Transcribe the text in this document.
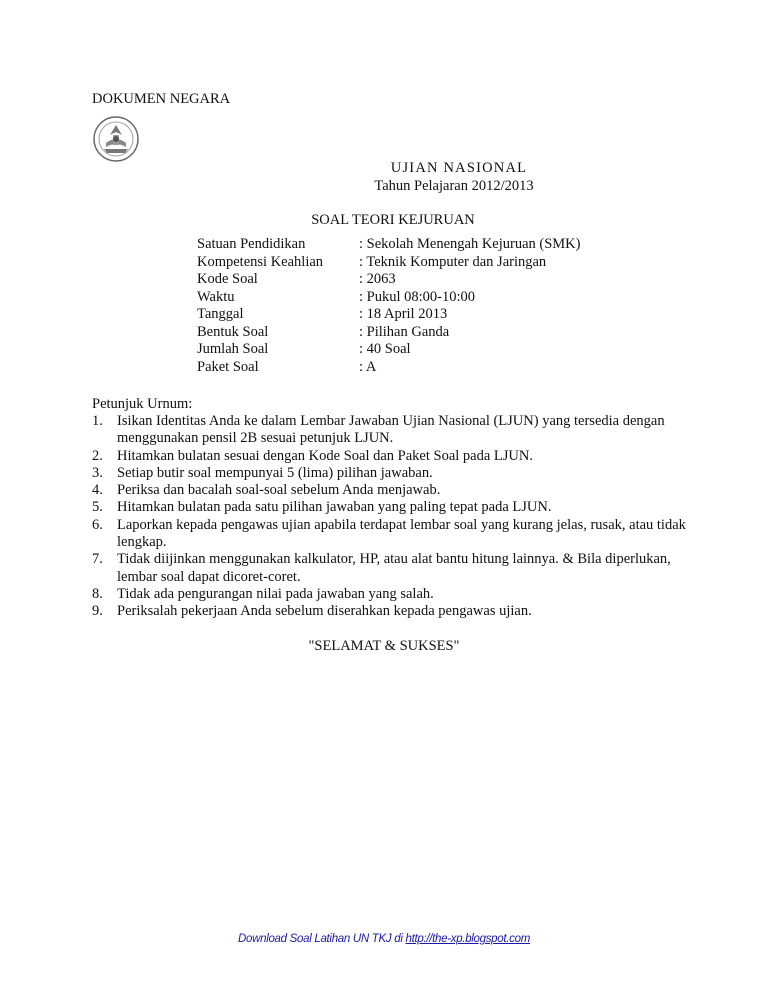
DOKUMEN NEGARA
UJIAN NASIONAL
Tahun Pelajaran 2012/2013
SOAL TEORI KEJURUAN
Satuan Pendidikan	: Sekolah Menengah Kejuruan (SMK)
Kompetensi Keahlian	: Teknik Komputer dan Jaringan
Kode Soal	: 2063
Waktu	: Pukul 08:00-10:00
Tanggal	: 18 April 2013
Bentuk Soal	: Pilihan Ganda
Jumlah Soal	: 40 Soal
Paket Soal	: A
Petunjuk Urnum:
1. Isikan Identitas Anda ke dalam Lembar Jawaban Ujian Nasional (LJUN) yang tersedia dengan menggunakan pensil 2B sesuai petunjuk LJUN.
2. Hitamkan bulatan sesuai dengan Kode Soal dan Paket Soal pada LJUN.
3. Setiap butir soal mempunyai 5 (lima) pilihan jawaban.
4. Periksa dan bacalah soal-soal sebelum Anda menjawab.
5. Hitamkan bulatan pada satu pilihan jawaban yang paling tepat pada LJUN.
6. Laporkan kepada pengawas ujian apabila terdapat lembar soal yang kurang jelas, rusak, atau tidak lengkap.
7. Tidak diijinkan menggunakan kalkulator, HP, atau alat bantu hitung lainnya. & Bila diperlukan, lembar soal dapat dicoret-coret.
8. Tidak ada pengurangan nilai pada jawaban yang salah.
9. Periksalah pekerjaan Anda sebelum diserahkan kepada pengawas ujian.
"SELAMAT & SUKSES"
Download Soal Latihan UN TKJ di http://the-xp.blogspot.com
